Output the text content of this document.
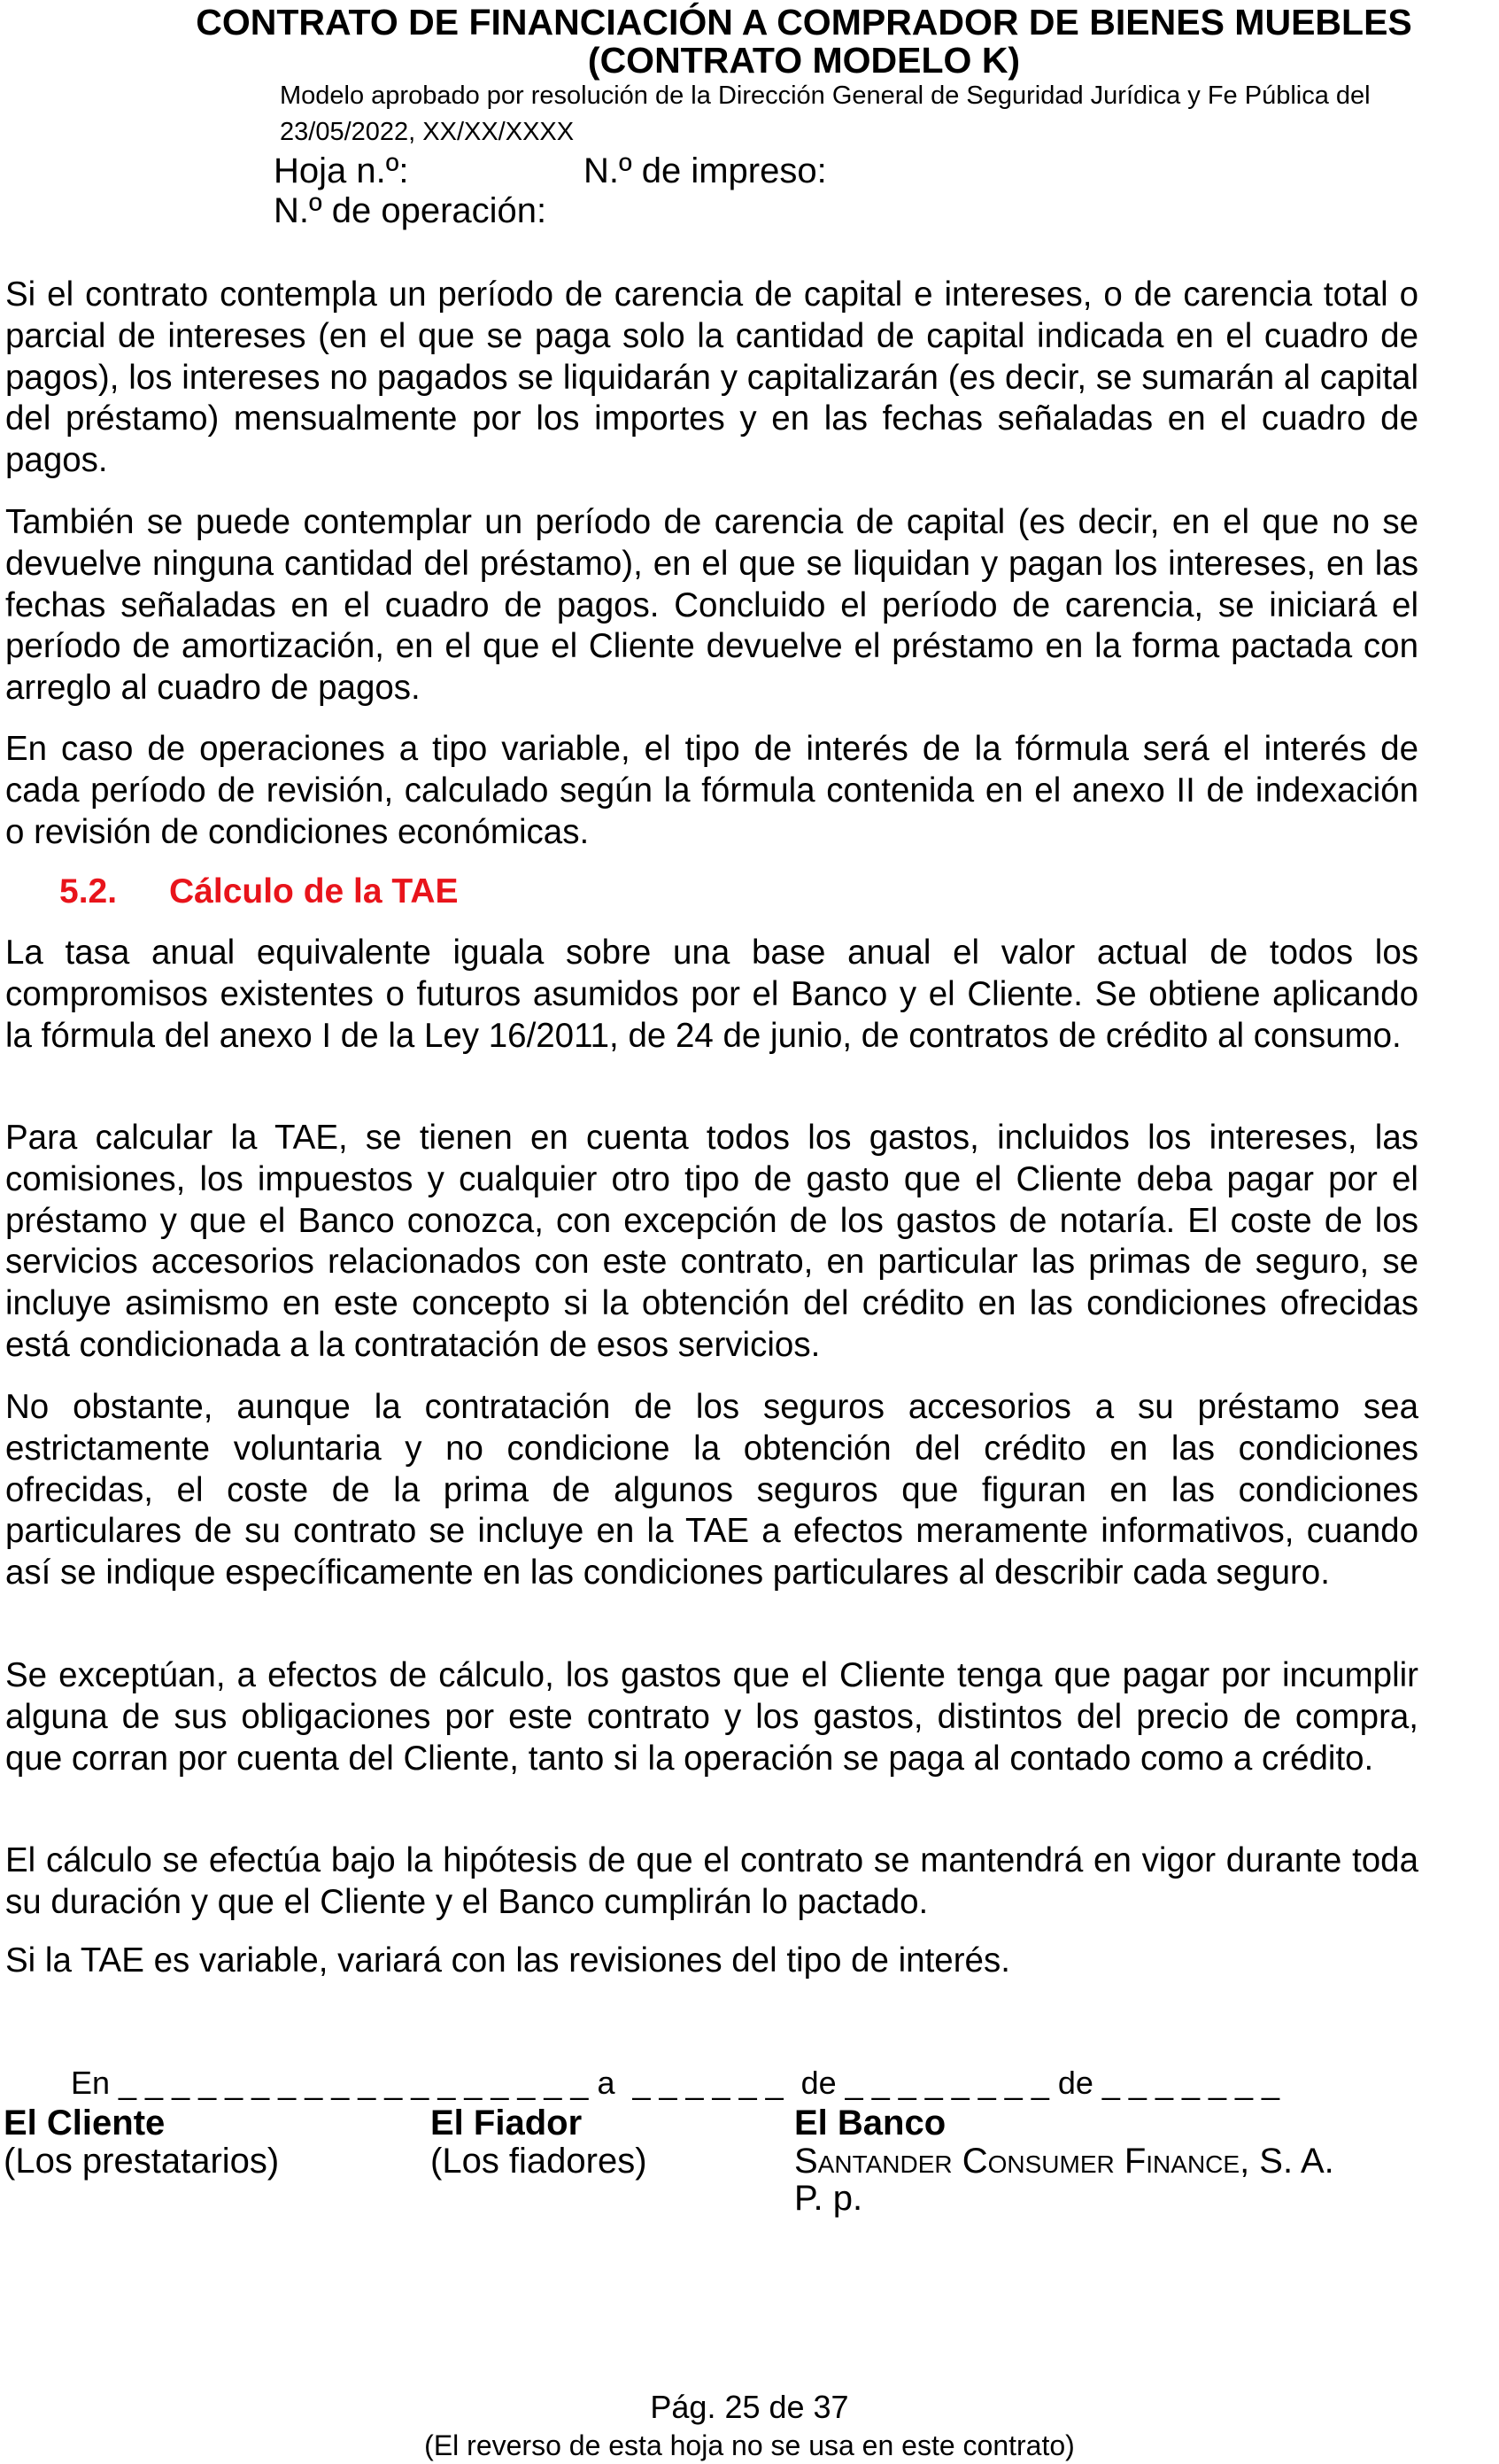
CONTRATO DE FINANCIACIÓN A COMPRADOR DE BIENES MUEBLES
(CONTRATO MODELO K)
Modelo aprobado por resolución de la Dirección General de Seguridad Jurídica y Fe Pública del
23/05/2022, XX/XX/XXXX
Hoja n.º:	N.º de impreso:
N.º de operación:
Si el contrato contempla un período de carencia de capital e intereses, o de carencia total o parcial de intereses (en el que se paga solo la cantidad de capital indicada en el cuadro de pagos), los intereses no pagados se liquidarán y capitalizarán (es decir, se sumarán al capital del préstamo) mensualmente por los importes y en las fechas señaladas en el cuadro de pagos.
También se puede contemplar un período de carencia de capital (es decir, en el que no se devuelve ninguna cantidad del préstamo), en el que se liquidan y pagan los intereses, en las fechas señaladas en el cuadro de pagos. Concluido el período de carencia, se iniciará el período de amortización, en el que el Cliente devuelve el préstamo en la forma pactada con arreglo al cuadro de pagos.
En caso de operaciones a tipo variable, el tipo de interés de la fórmula será el interés de cada período de revisión, calculado según la fórmula contenida en el anexo II de indexación o revisión de condiciones económicas.
5.2. Cálculo de la TAE
La tasa anual equivalente iguala sobre una base anual el valor actual de todos los compromisos existentes o futuros asumidos por el Banco y el Cliente. Se obtiene aplicando la fórmula del anexo I de la Ley 16/2011, de 24 de junio, de contratos de crédito al consumo.
Para calcular la TAE, se tienen en cuenta todos los gastos, incluidos los intereses, las comisiones, los impuestos y cualquier otro tipo de gasto que el Cliente deba pagar por el préstamo y que el Banco conozca, con excepción de los gastos de notaría. El coste de los servicios accesorios relacionados con este contrato, en particular las primas de seguro, se incluye asimismo en este concepto si la obtención del crédito en las condiciones ofrecidas está condicionada a la contratación de esos servicios.
No obstante, aunque la contratación de los seguros accesorios a su préstamo sea estrictamente voluntaria y no condicione la obtención del crédito en las condiciones ofrecidas, el coste de la prima de algunos seguros que figuran en las condiciones particulares de su contrato se incluye en la TAE a efectos meramente informativos, cuando así se indique específicamente en las condiciones particulares al describir cada seguro.
Se exceptúan, a efectos de cálculo, los gastos que el Cliente tenga que pagar por incumplir alguna de sus obligaciones por este contrato y los gastos, distintos del precio de compra, que corran por cuenta del Cliente, tanto si la operación se paga al contado como a crédito.
El cálculo se efectúa bajo la hipótesis de que el contrato se mantendrá en vigor durante toda su duración y que el Cliente y el Banco cumplirán lo pactado.
Si la TAE es variable, variará con las revisiones del tipo de interés.
En _ _ _ _ _ _ _ _ _ _ _ _ _ _ _ _ _ _ a  _ _ _ _ _ _  de _ _ _ _ _ _ _ _ de _ _ _ _ _ _ _
El Cliente
(Los prestatarios)
El Fiador
(Los fiadores)
El Banco
Santander Consumer Finance, S. A.
P. p.
Pág. 25 de 37
(El reverso de esta hoja no se usa en este contrato)
